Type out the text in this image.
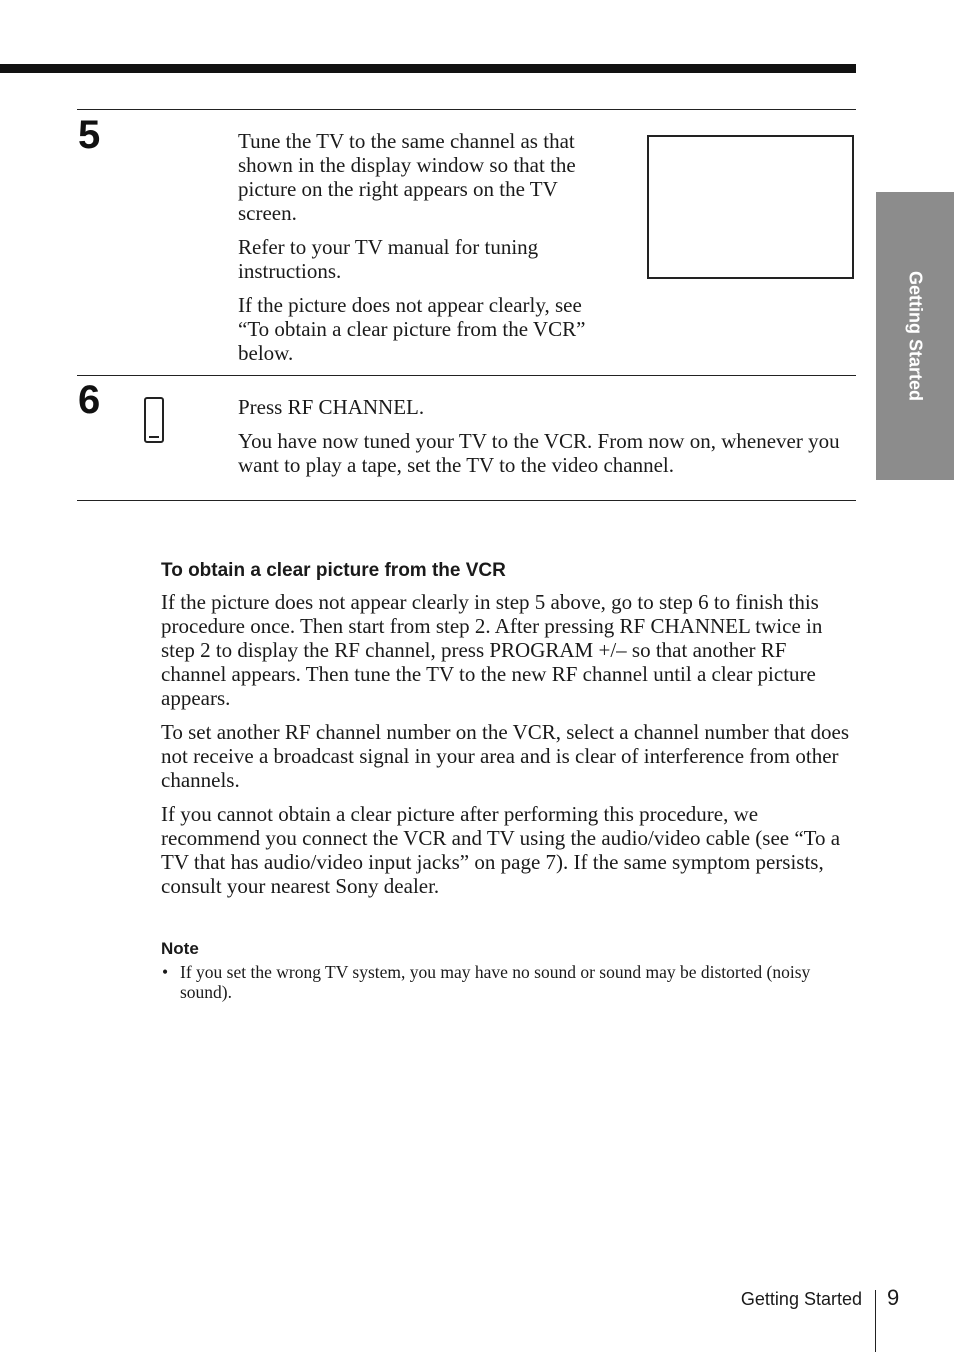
Getting Started
5	Tune the TV to the same channel as that shown in the display window so that the picture on the right appears on the TV screen.

Refer to your TV manual for tuning instructions.

If the picture does not appear clearly, see “To obtain a clear picture from the VCR” below.

6	Press RF CHANNEL.

You have now tuned your TV to the VCR. From now on, whenever you want to play a tape, set the TV to the video channel.

To obtain a clear picture from the VCR

If the picture does not appear clearly in step 5 above, go to step 6 to finish this procedure once. Then start from step 2. After pressing RF CHANNEL twice in step 2 to display the RF channel, press PROGRAM +/– so that another RF channel appears. Then tune the TV to the new RF channel until a clear picture appears.

To set another RF channel number on the VCR, select a channel number that does not receive a broadcast signal in your area and is clear of interference from other channels.

If you cannot obtain a clear picture after performing this procedure, we recommend you connect the VCR and TV using the audio/video cable (see “To a TV that has audio/video input jacks” on page 7). If the same symptom persists, consult your nearest Sony dealer.

Note
• If you set the wrong TV system, you may have no sound or sound may be distorted (noisy sound).
Getting Started 9
